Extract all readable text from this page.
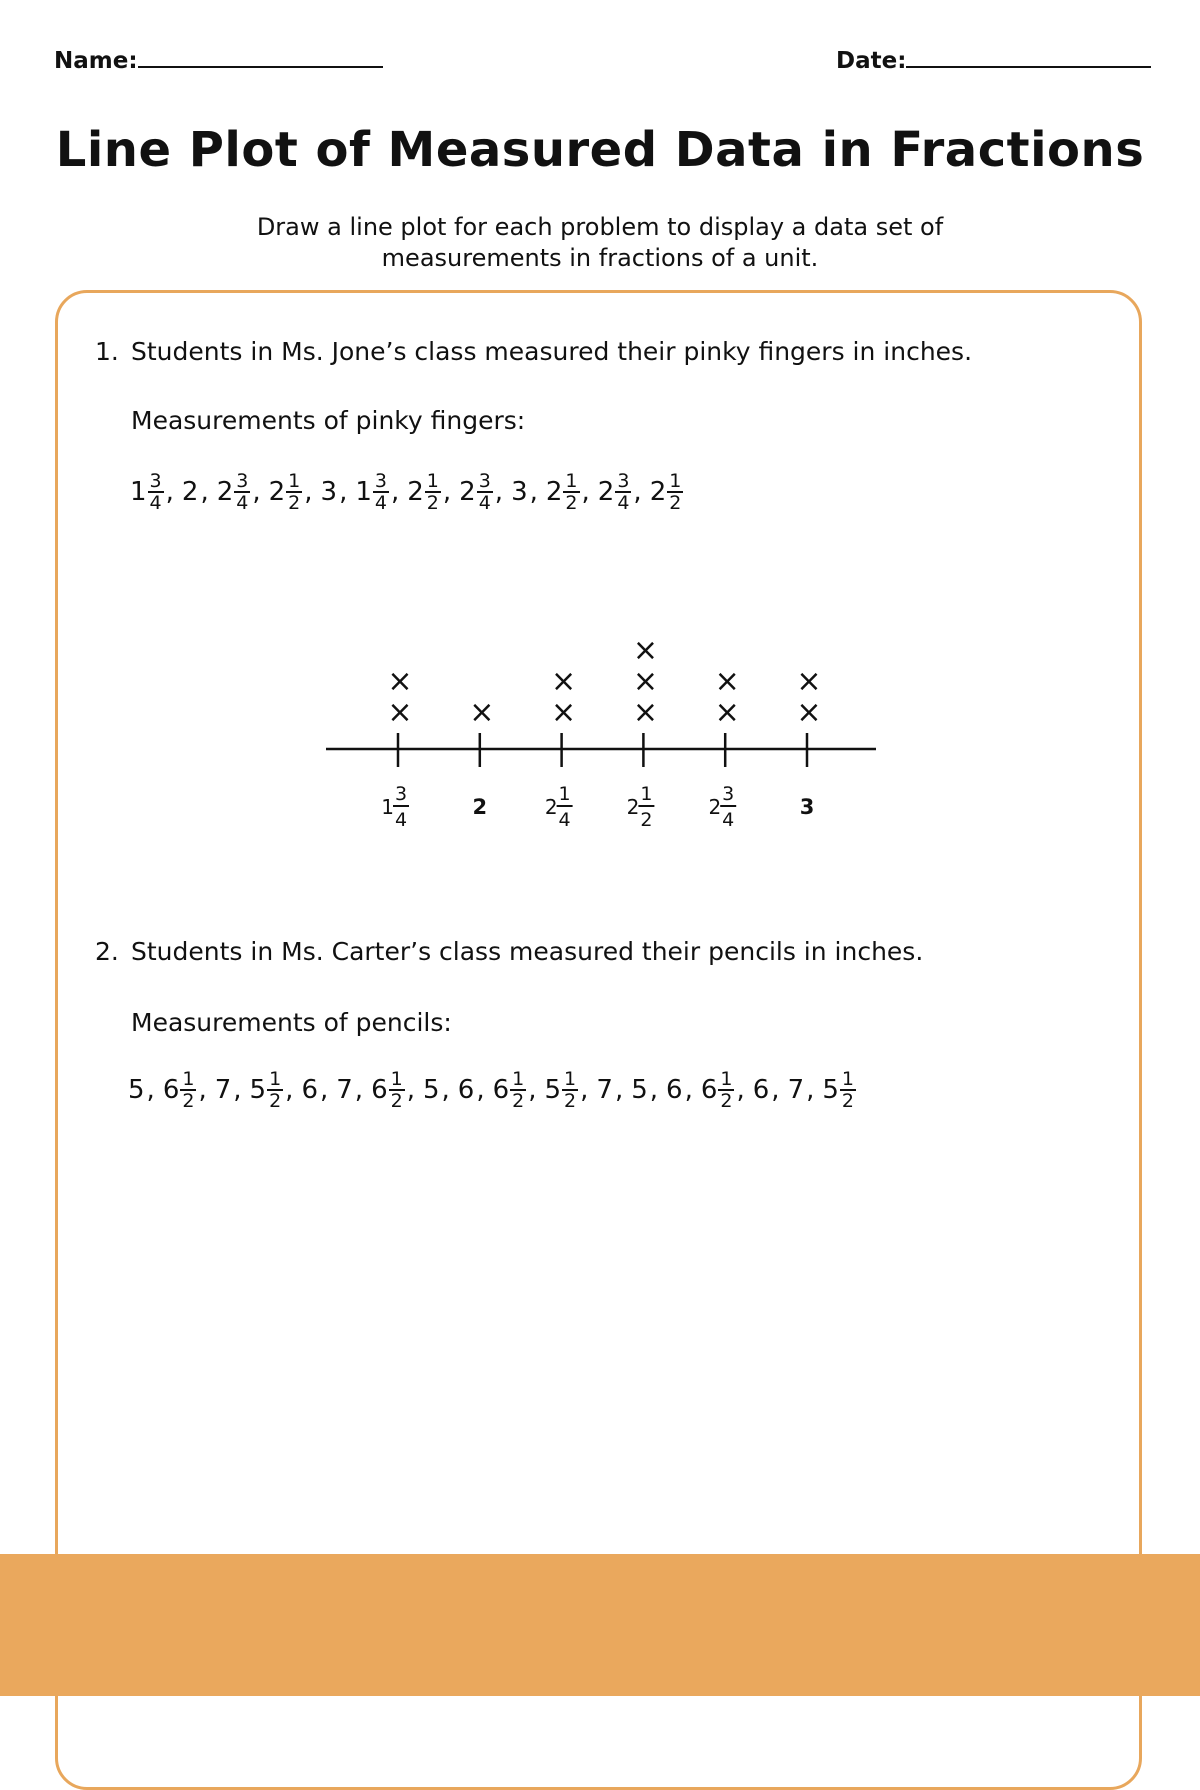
Name:	Date:
Line Plot of Measured Data in Fractions
Draw a line plot for each problem to display a data set of
measurements in fractions of a unit.
1. Students in Ms. Jone’s class measured their pinky fingers in inches.
Measurements of pinky fingers:
$1 \frac{3}{4}$ , 2 , $2 \frac{3}{4}$ , $2 \frac{1}{2}$ , 3 , $1 \frac{3}{4}$ , $2 \frac{1}{2}$ , $2 \frac{3}{4}$ , 3 , $2 \frac{1}{2}$ , $2 \frac{3}{4}$ , $2 \frac{1}{2}$
1
3
4
×
×
2
×
2
1
4
×
×
2
1
2
×
×
×
2
3
4
×
×
3
×
×
2. Students in Ms. Carter’s class measured their pencils in inches.
Measurements of pencils:
5 , $6 \frac{1}{2}$ , 7 , $5 \frac{1}{2}$ , 6 , 7 , $6 \frac{1}{2}$ , 5 , 6 , $6 \frac{1}{2}$ , $5 \frac{1}{2}$ , 7 , 5 , 6 , $6 \frac{1}{2}$ , 6 , 7 , $5 \frac{1}{2}$
